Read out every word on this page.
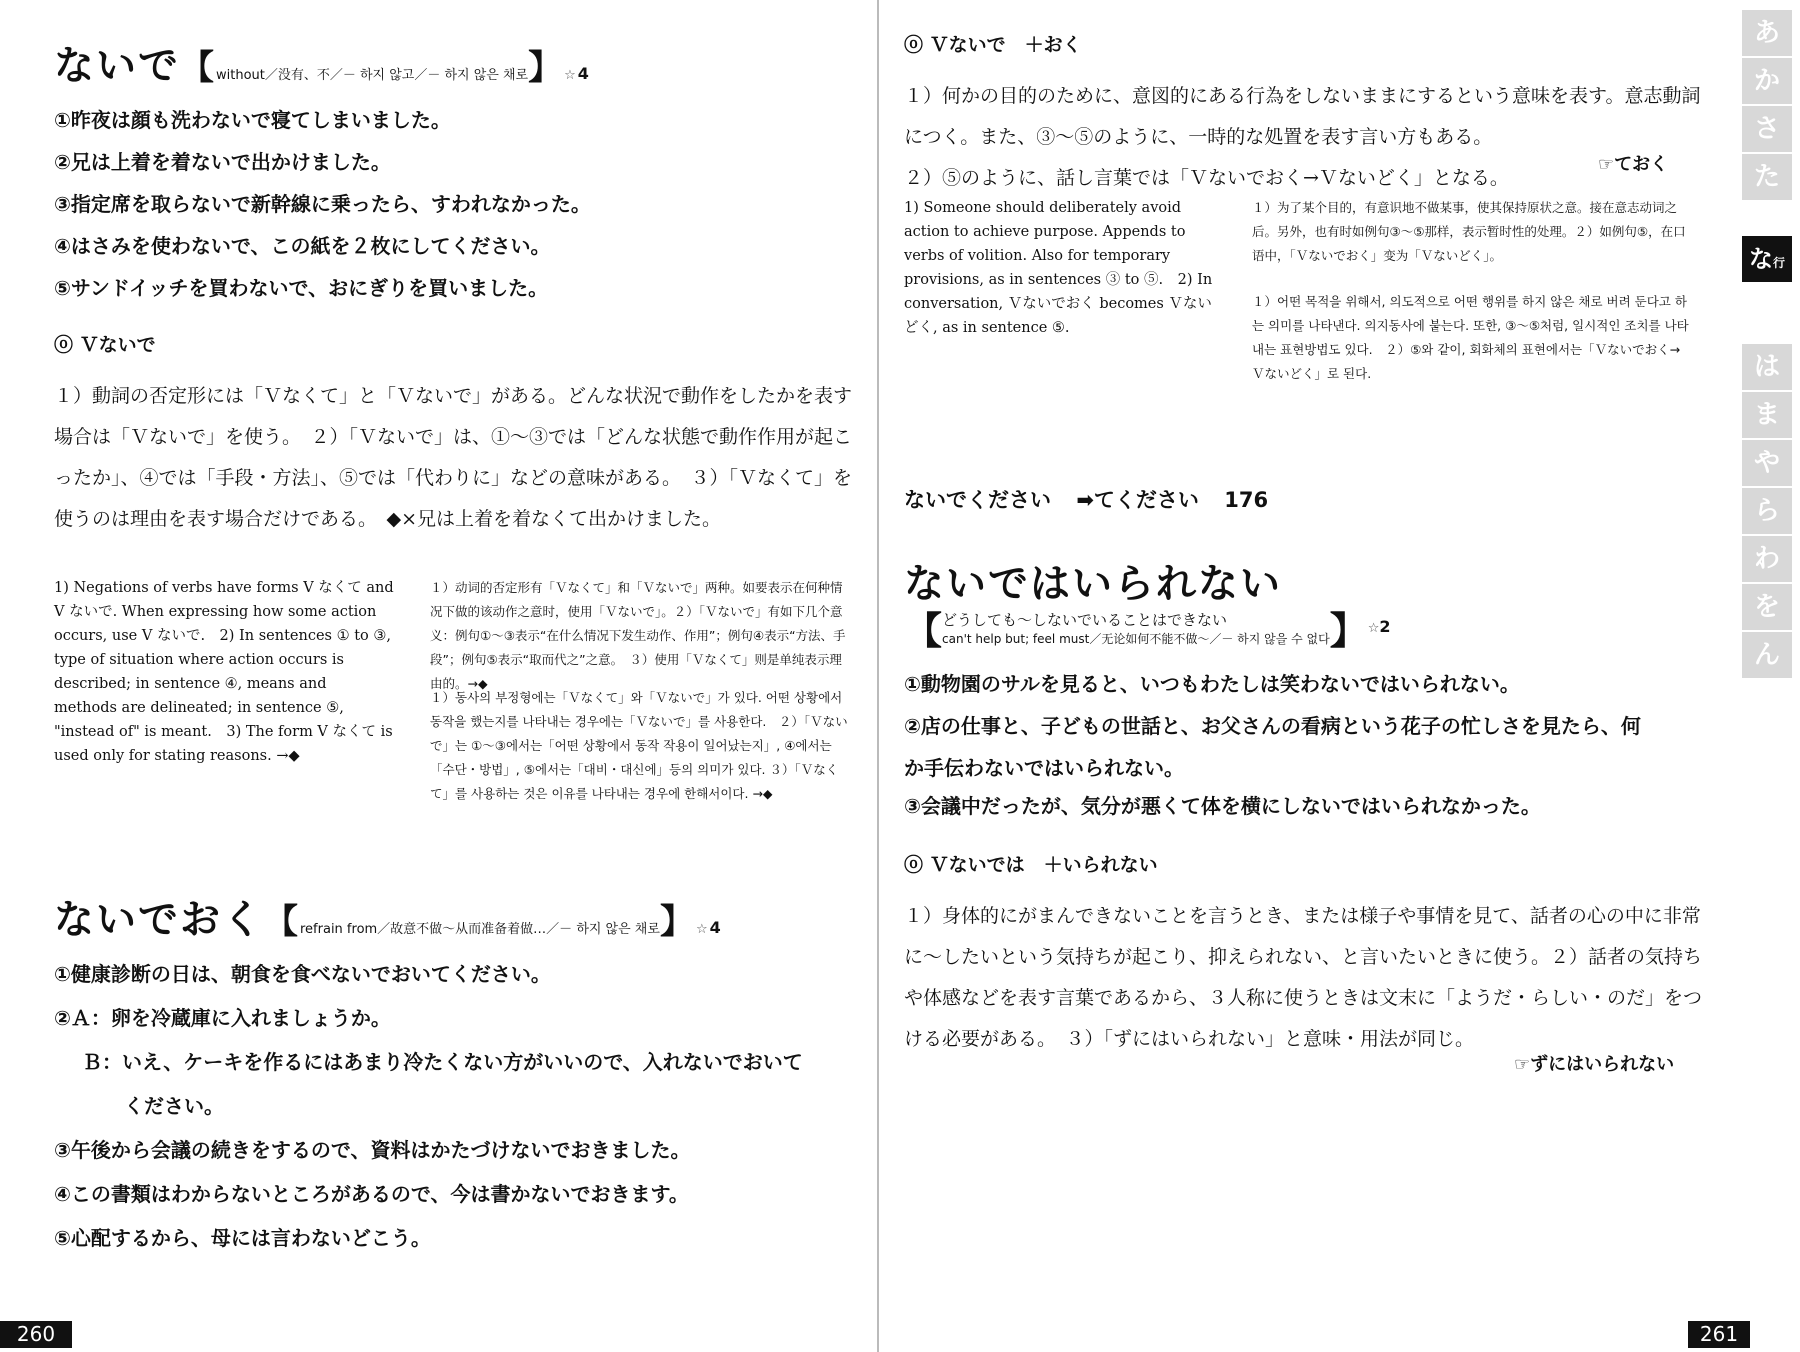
ないで【without／没有、不／－ 하지 않고／－ 하지 않은 채로】☆4
①昨夜は顔も洗わないで寝てしまいました。
②兄は上着を着ないで出かけました。
③指定席を取らないで新幹線に乗ったら、すわれなかった。
④はさみを使わないで、この紙を２枚にしてください。
⑤サンドイッチを買わないで、おにぎりを買いました。
ⓞ Ｖないで
１）動詞の否定形には「Ｖなくて」と「Ｖないで」がある。どんな状況で動作をしたかを表す場合は「Ｖないで」を使う。　２）「Ｖないで」は、①〜③では「どんな状態で動作作用が起こったか」、④では「手段・方法」、⑤では「代わりに」などの意味がある。　３）「Ｖなくて」を使うのは理由を表す場合だけである。　◆×兄は上着を着なくて出かけました。
1) Negations of verbs have forms V なくて and V ないで. When expressing how some action occurs, use V ないで.　2) In sentences ① to ③, type of situation where action occurs is described; in sentence ④, means and methods are delineated; in sentence ⑤, "instead of" is meant.　3) The form V なくて is used only for stating reasons. →◆
１）动词的否定形有「Ｖなくて」和「Ｖないで」两种。如要表示在何种情况下做的该动作之意时，使用「Ｖないで」。２）「Ｖないで」有如下几个意义：例句①〜③表示“在什么情况下发生动作、作用”；例句④表示“方法、手段”；例句⑤表示“取而代之”之意。　３）使用「Ｖなくて」则是单纯表示理由的。→◆
１）동사의 부정형에는「Ｖなくて」와「Ｖないで」가 있다. 어떤 상황에서 동작을 했는지를 나타내는 경우에는「Ｖないで」를 사용한다.　２）「Ｖないで」는 ①〜③에서는「어떤 상황에서 동작 작용이 일어났는지」, ④에서는「수단・방법」, ⑤에서는「대비・대신에」등의 의미가 있다. ３）「Ｖなくて」를 사용하는 것은 이유를 나타내는 경우에 한해서이다. →◆
ないでおく【refrain from／故意不做〜从而准备着做…／－ 하지 않은 채로】☆4
①健康診断の日は、朝食を食べないでおいてください。
②Ａ：卵を冷蔵庫に入れましょうか。
Ｂ：いえ、ケーキを作るにはあまり冷たくない方がいいので、入れないでおいて
ください。
③午後から会議の続きをするので、資料はかたづけないでおきました。
④この書類はわからないところがあるので、今は書かないでおきます。
⑤心配するから、母には言わないどこう。
260
ⓞ Ｖないで　＋おく
１）何かの目的のために、意図的にある行為をしないままにするという意味を表す。意志動詞につく。また、③〜⑤のように、一時的な処置を表す言い方もある。
２）⑤のように、話し言葉では「Ｖないでおく→Ｖないどく」となる。
☞ておく
1) Someone should deliberately avoid action to achieve purpose. Appends to verbs of volition. Also for temporary provisions, as in sentences ③ to ⑤.　2) In conversation, Ｖないでおく becomes Ｖないどく, as in sentence ⑤.
１）为了某个目的，有意识地不做某事，使其保持原状之意。接在意志动词之后。另外，也有时如例句③〜⑤那样，表示暂时性的处理。２）如例句⑤，在口语中，「Ｖないでおく」变为「Ｖないどく」。
１）어떤 목적을 위해서, 의도적으로 어떤 행위를 하지 않은 채로 버려 둔다고 하는 의미를 나타낸다. 의지동사에 붙는다. 또한, ③〜⑤처럼, 일시적인 조치를 나타내는 표현방법도 있다.　２）⑤와 같이, 회화체의 표현에서는「Ｖないでおく→Ｖないどく」로 된다.
ないでください ➡てください 176
ないではいられない
【 どうしても〜しないでいることはできない
can't help but; feel must／无论如何不能不做〜／－ 하지 않을 수 없다 】☆2
①動物園のサルを見ると、いつもわたしは笑わないではいられない。
②店の仕事と、子どもの世話と、お父さんの看病という花子の忙しさを見たら、何
か手伝わないではいられない。
③会議中だったが、気分が悪くて体を横にしないではいられなかった。
ⓞ Ｖないでは　＋いられない
１）身体的にがまんできないことを言うとき、または様子や事情を見て、話者の心の中に非常に〜したいという気持ちが起こり、抑えられない、と言いたいときに使う。２）話者の気持ちや体感などを表す言葉であるから、３人称に使うときは文末に「ようだ・らしい・のだ」をつける必要がある。　３）「ずにはいられない」と意味・用法が同じ。
☞ずにはいられない
261
あ
か
さ
た
な行
は
ま
や
ら
わ
を
ん
